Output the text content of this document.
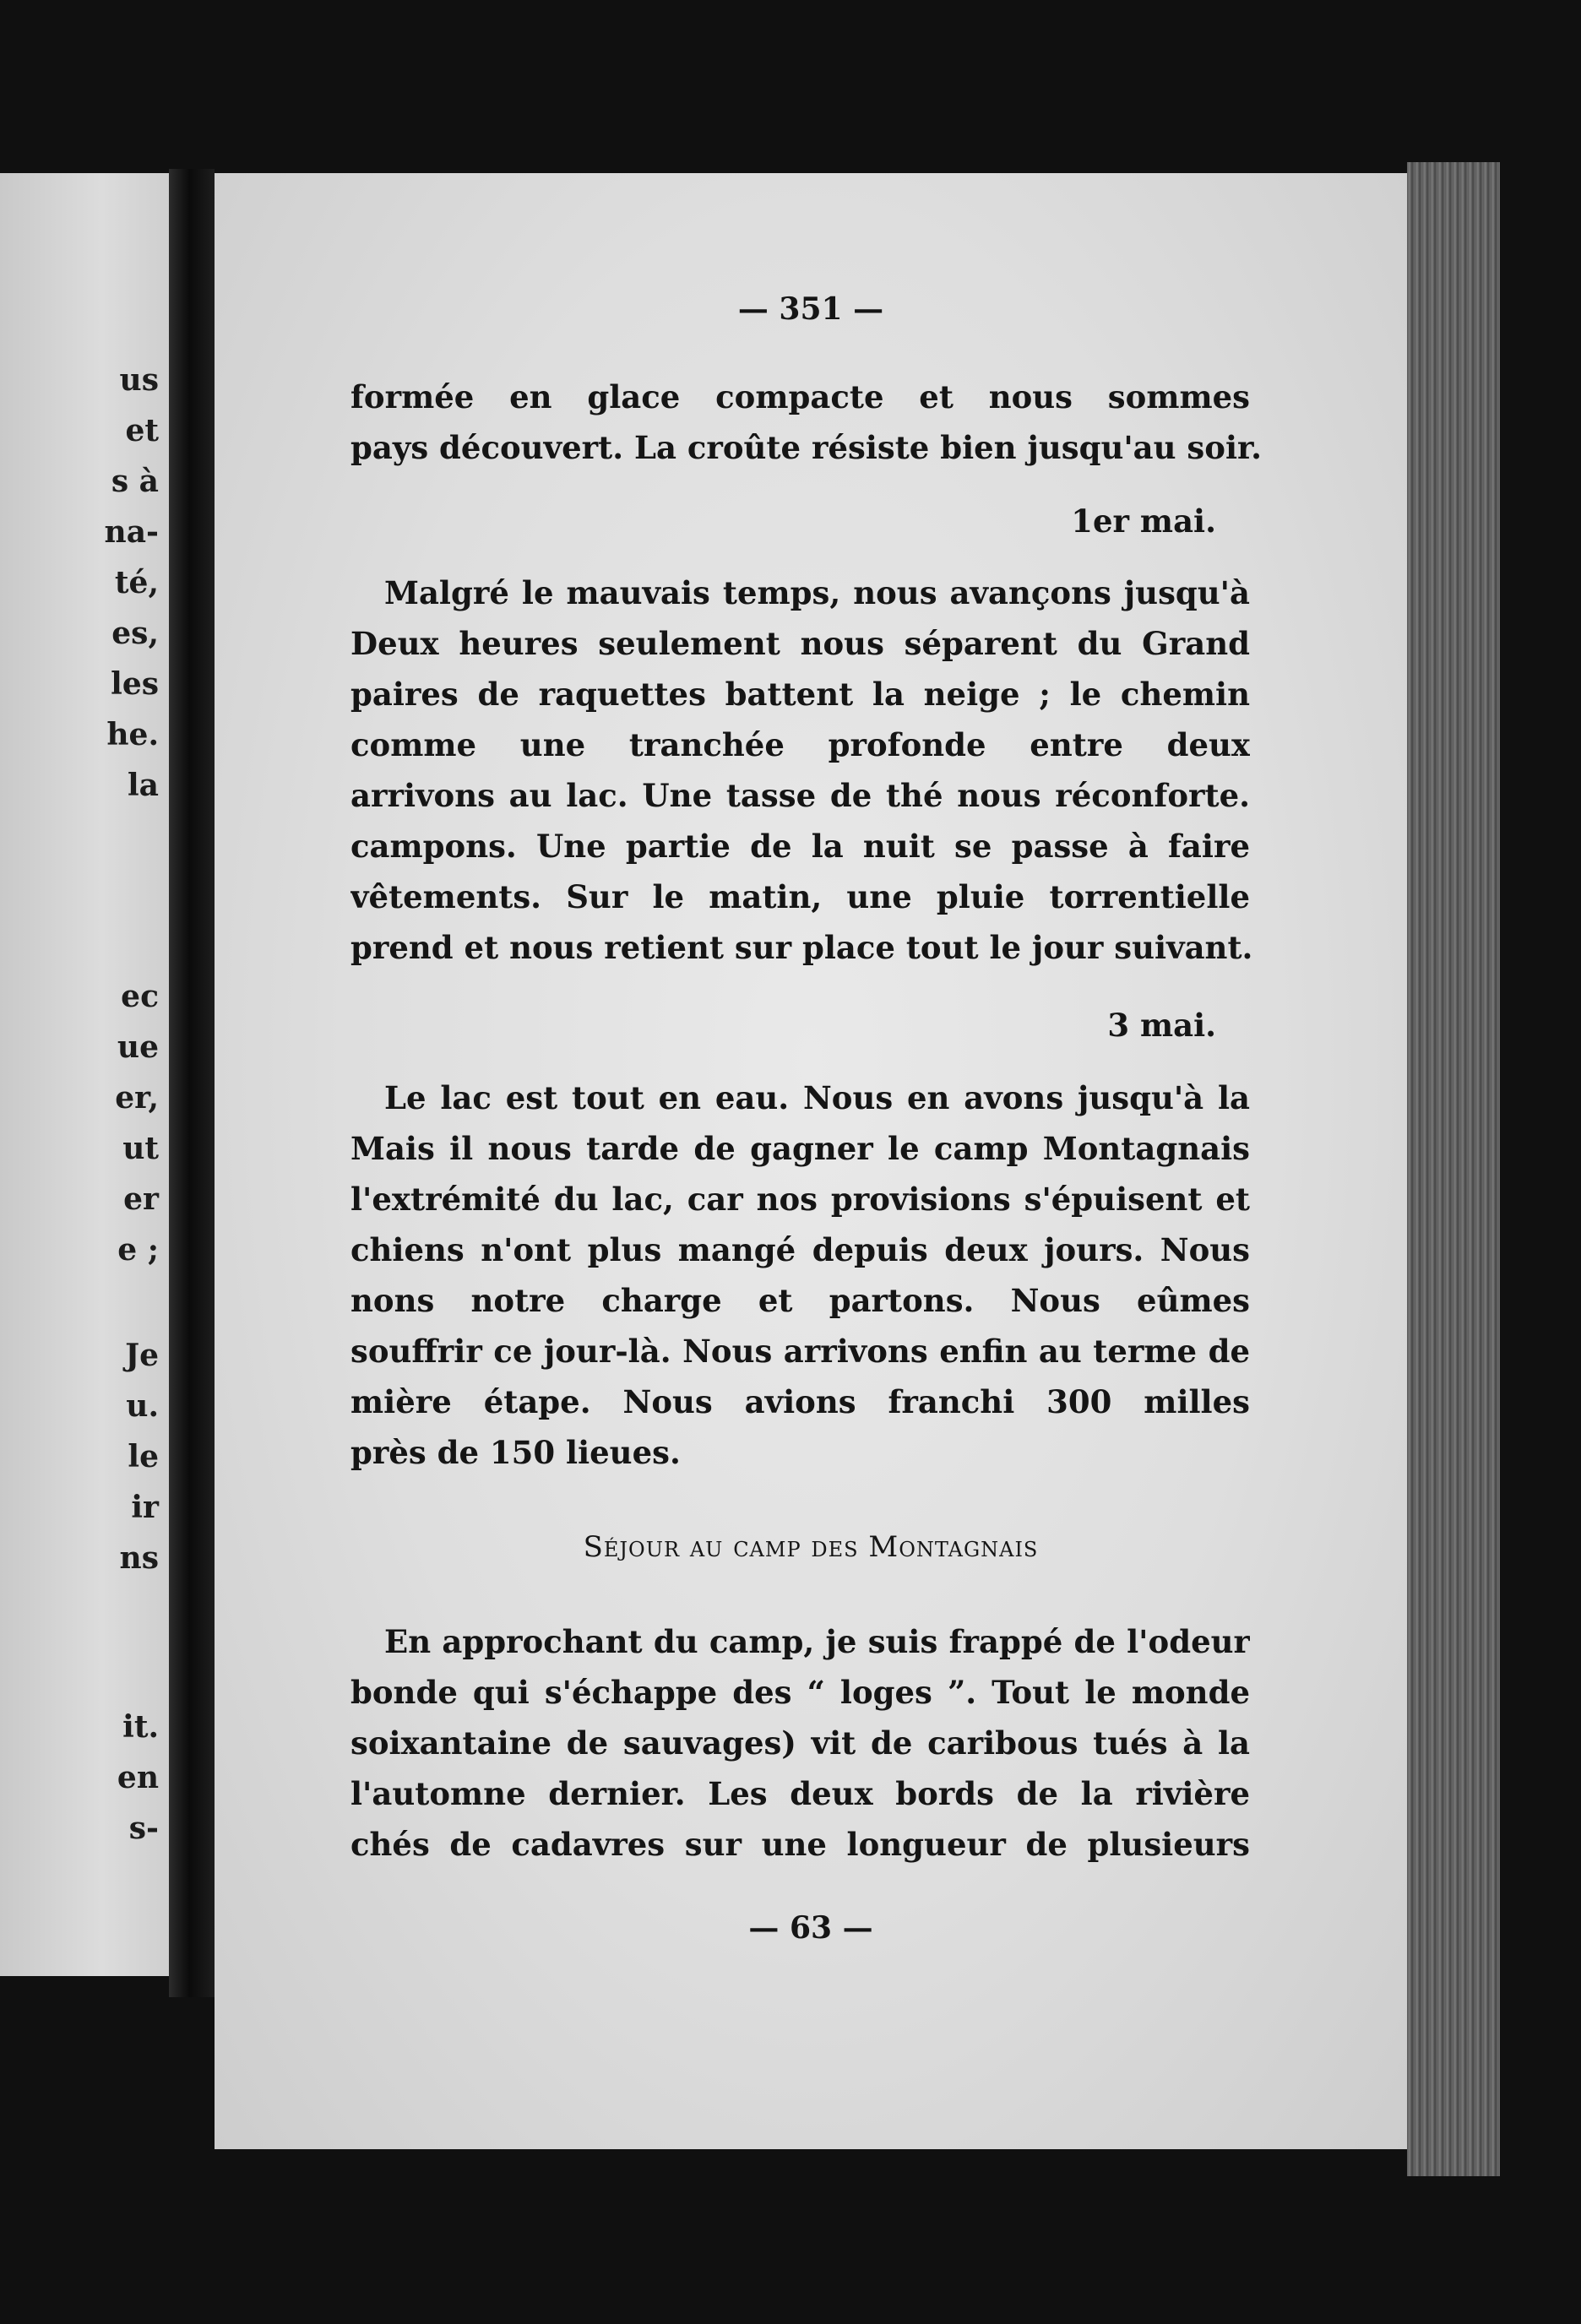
us

et

s à

na-

té,

es,

les

he.

la

ec

ue

er,

ut

er

e ;

Je

u.

le

ir

ns

it.

en

s-

— 351 —

formée en glace compacte et nous sommes

pays découvert. La croûte résiste bien jusqu'au soir.

1er mai.

Malgré le mauvais temps, nous avançons jusqu'à

Deux heures seulement nous séparent du Grand

paires de raquettes battent la neige ; le chemin

comme une tranchée profonde entre deux

arrivons au lac. Une tasse de thé nous réconforte.

campons. Une partie de la nuit se passe à faire

vêtements. Sur le matin, une pluie torrentielle

prend et nous retient sur place tout le jour suivant.

3 mai.

Le lac est tout en eau. Nous en avons jusqu'à la

Mais il nous tarde de gagner le camp Montagnais

l'extrémité du lac, car nos provisions s'épuisent et

chiens n'ont plus mangé depuis deux jours. Nous

nons notre charge et partons. Nous eûmes

souffrir ce jour-là. Nous arrivons enfin au terme de

mière étape. Nous avions franchi 300 milles

près de 150 lieues.

Séjour au camp des Montagnais

En approchant du camp, je suis frappé de l'odeur

bonde qui s'échappe des “ loges ”. Tout le monde

soixantaine de sauvages) vit de caribous tués à la

l'automne dernier. Les deux bords de la rivière

chés de cadavres sur une longueur de plusieurs

— 63 —
